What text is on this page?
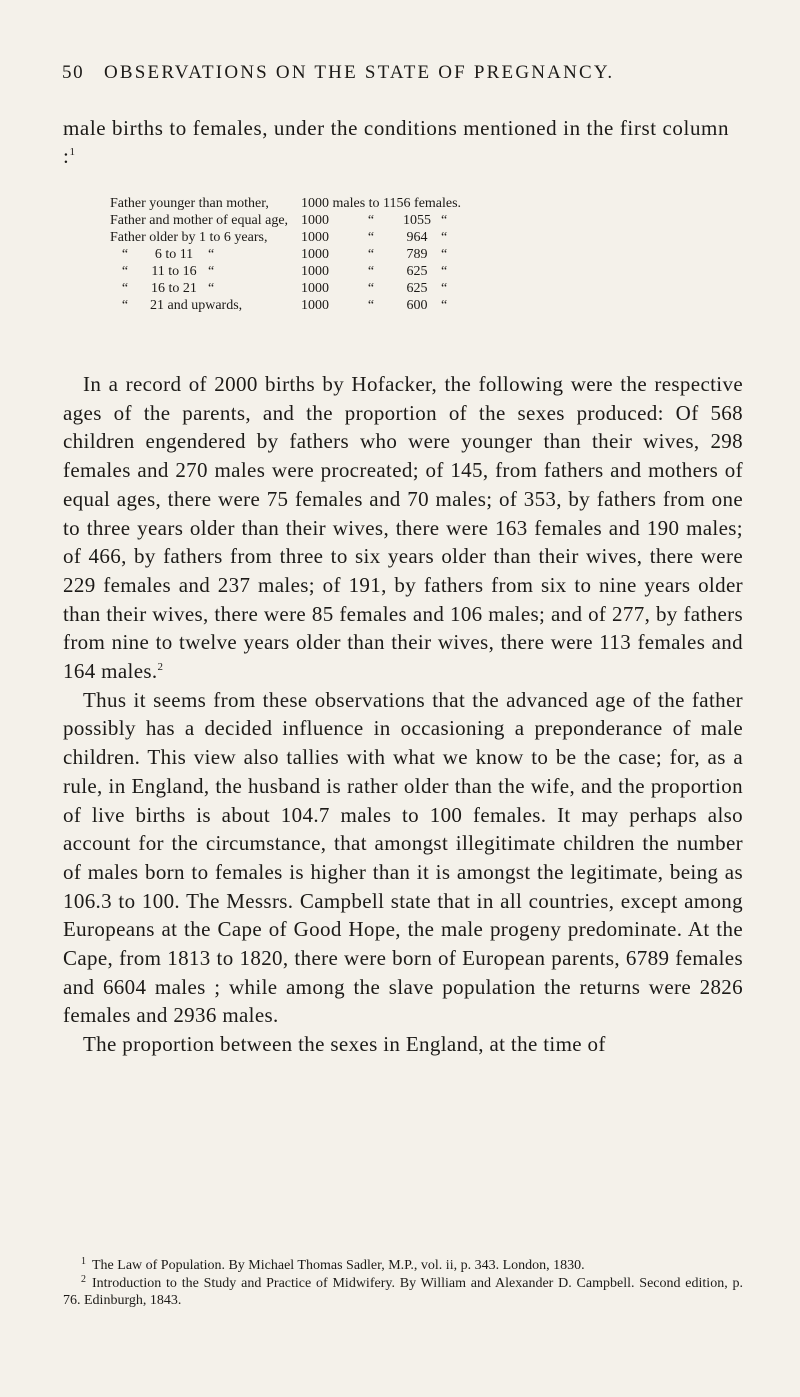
50	OBSERVATIONS ON THE STATE OF PREGNANCY.
male births to females, under the conditions mentioned in the first column :$^1$
Father younger than mother,	1000 males to 1156 females.			
Father and mother of equal age,	1000	“	1055	“
Father older by 1 to 6 years,	1000	“	964	“

“ 6 to 11 “	1000	“	789	“

“ 11 to 16 “	1000	“	625	“

“ 16 to 21 “	1000	“	625	“

“ 21 and upwards,	1000	“	600	“

In a record of 2000 births by Hofacker, the following were the respective ages of the parents, and the proportion of the sexes produced: Of 568 children engendered by fathers who were younger than their wives, 298 females and 270 males were procreated; of 145, from fathers and mothers of equal ages, there were 75 females and 70 males; of 353, by fathers from one to three years older than their wives, there were 163 females and 190 males; of 466, by fathers from three to six years older than their wives, there were 229 females and 237 males; of 191, by fathers from six to nine years older than their wives, there were 85 females and 106 males; and of 277, by fathers from nine to twelve years older than their wives, there were 113 females and 164 males.$^2$

Thus it seems from these observations that the advanced age of the father possibly has a decided influence in occasioning a preponderance of male children. This view also tallies with what we know to be the case; for, as a rule, in England, the husband is rather older than the wife, and the proportion of live births is about 104.7 males to 100 females. It may perhaps also account for the circumstance, that amongst illegitimate children the number of males born to females is higher than it is amongst the legitimate, being as 106.3 to 100. The Messrs. Campbell state that in all countries, except among Europeans at the Cape of Good Hope, the male progeny predominate. At the Cape, from 1813 to 1820, there were born of European parents, 6789 females and 6604 males ; while among the slave population the returns were 2826 females and 2936 males.

The proportion between the sexes in England, at the time of

$^1$ The Law of Population. By Michael Thomas Sadler, M.P., vol. ii, p. 343. London, 1830.

$^2$ Introduction to the Study and Practice of Midwifery. By William and Alexander D. Campbell. Second edition, p. 76. Edinburgh, 1843.
